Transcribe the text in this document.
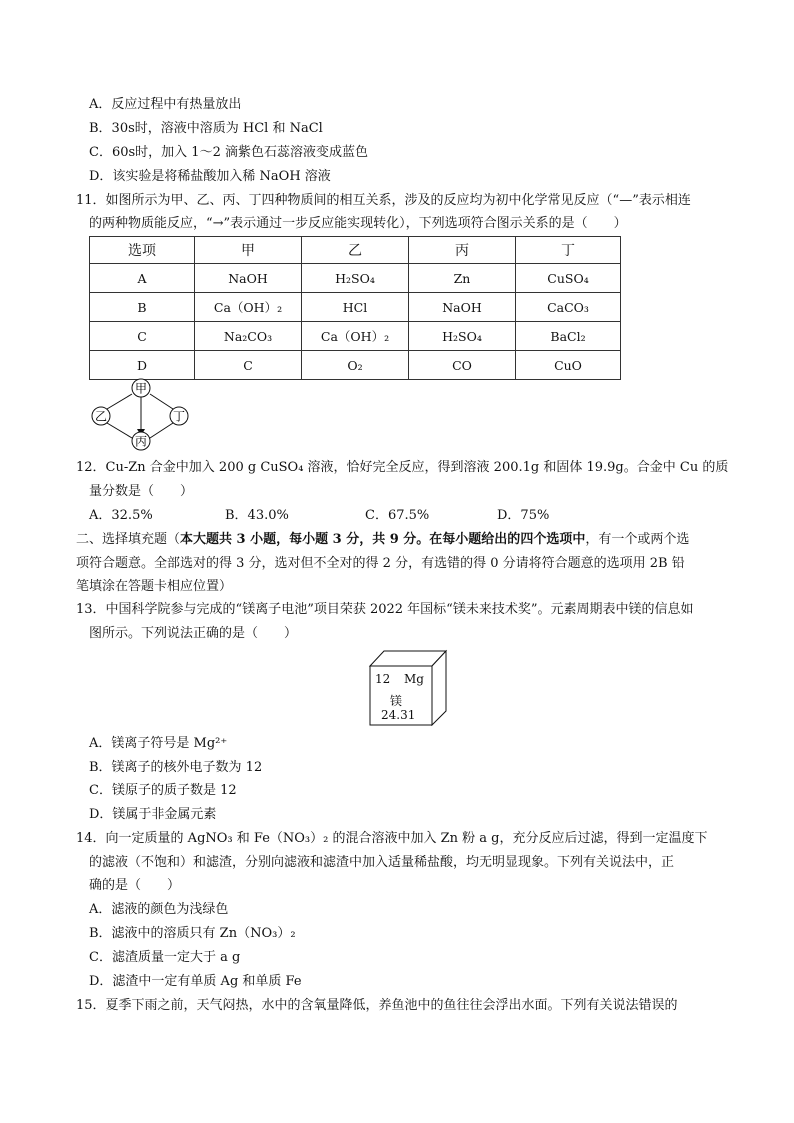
A．反应过程中有热量放出
B．30s时，溶液中溶质为 HCl 和 NaCl
C．60s时，加入 1～2 滴紫色石蕊溶液变成蓝色
D．该实验是将稀盐酸加入稀 NaOH 溶液
11．如图所示为甲、乙、丙、丁四种物质间的相互关系，涉及的反应均为初中化学常见反应（“—”表示相连
的两种物质能反应，“→”表示通过一步反应能实现转化），下列选项符合图示关系的是（　　）
选项	甲	乙	丙	丁
A	NaOH	H₂SO₄	Zn	CuSO₄
B	Ca（OH）₂	HCl	NaOH	CaCO₃
C	Na₂CO₃	Ca（OH）₂	H₂SO₄	BaCl₂
D	C	O₂	CO	CuO
甲
乙	丁
丙
12．Cu-Zn 合金中加入 200 g CuSO₄ 溶液，恰好完全反应，得到溶液 200.1g 和固体 19.9g。合金中 Cu 的质
量分数是（　　）
A．32.5%	B．43.0%	C．67.5%	D．75%
二、选择填充题（本大题共 3 小题，每小题 3 分，共 9 分。在每小题给出的四个选项中，有一个或两个选
项符合题意。全部选对的得 3 分，选对但不全对的得 2 分，有选错的得 0 分请将符合题意的选项用 2B 铅
笔填涂在答题卡相应位置）
13．中国科学院参与完成的“镁离子电池”项目荣获 2022 年国标“镁未来技术奖”。元素周期表中镁的信息如
图所示。下列说法正确的是（　　）
12 Mg
镁
24.31
A．镁离子符号是 Mg²⁺
B．镁离子的核外电子数为 12
C．镁原子的质子数是 12
D．镁属于非金属元素
14．向一定质量的 AgNO₃ 和 Fe（NO₃）₂ 的混合溶液中加入 Zn 粉 a g，充分反应后过滤，得到一定温度下
的滤液（不饱和）和滤渣，分别向滤液和滤渣中加入适量稀盐酸，均无明显现象。下列有关说法中，正
确的是（　　）
A．滤液的颜色为浅绿色
B．滤液中的溶质只有 Zn（NO₃）₂
C．滤渣质量一定大于 a g
D．滤渣中一定有单质 Ag 和单质 Fe
15．夏季下雨之前，天气闷热，水中的含氧量降低，养鱼池中的鱼往往会浮出水面。下列有关说法错误的
